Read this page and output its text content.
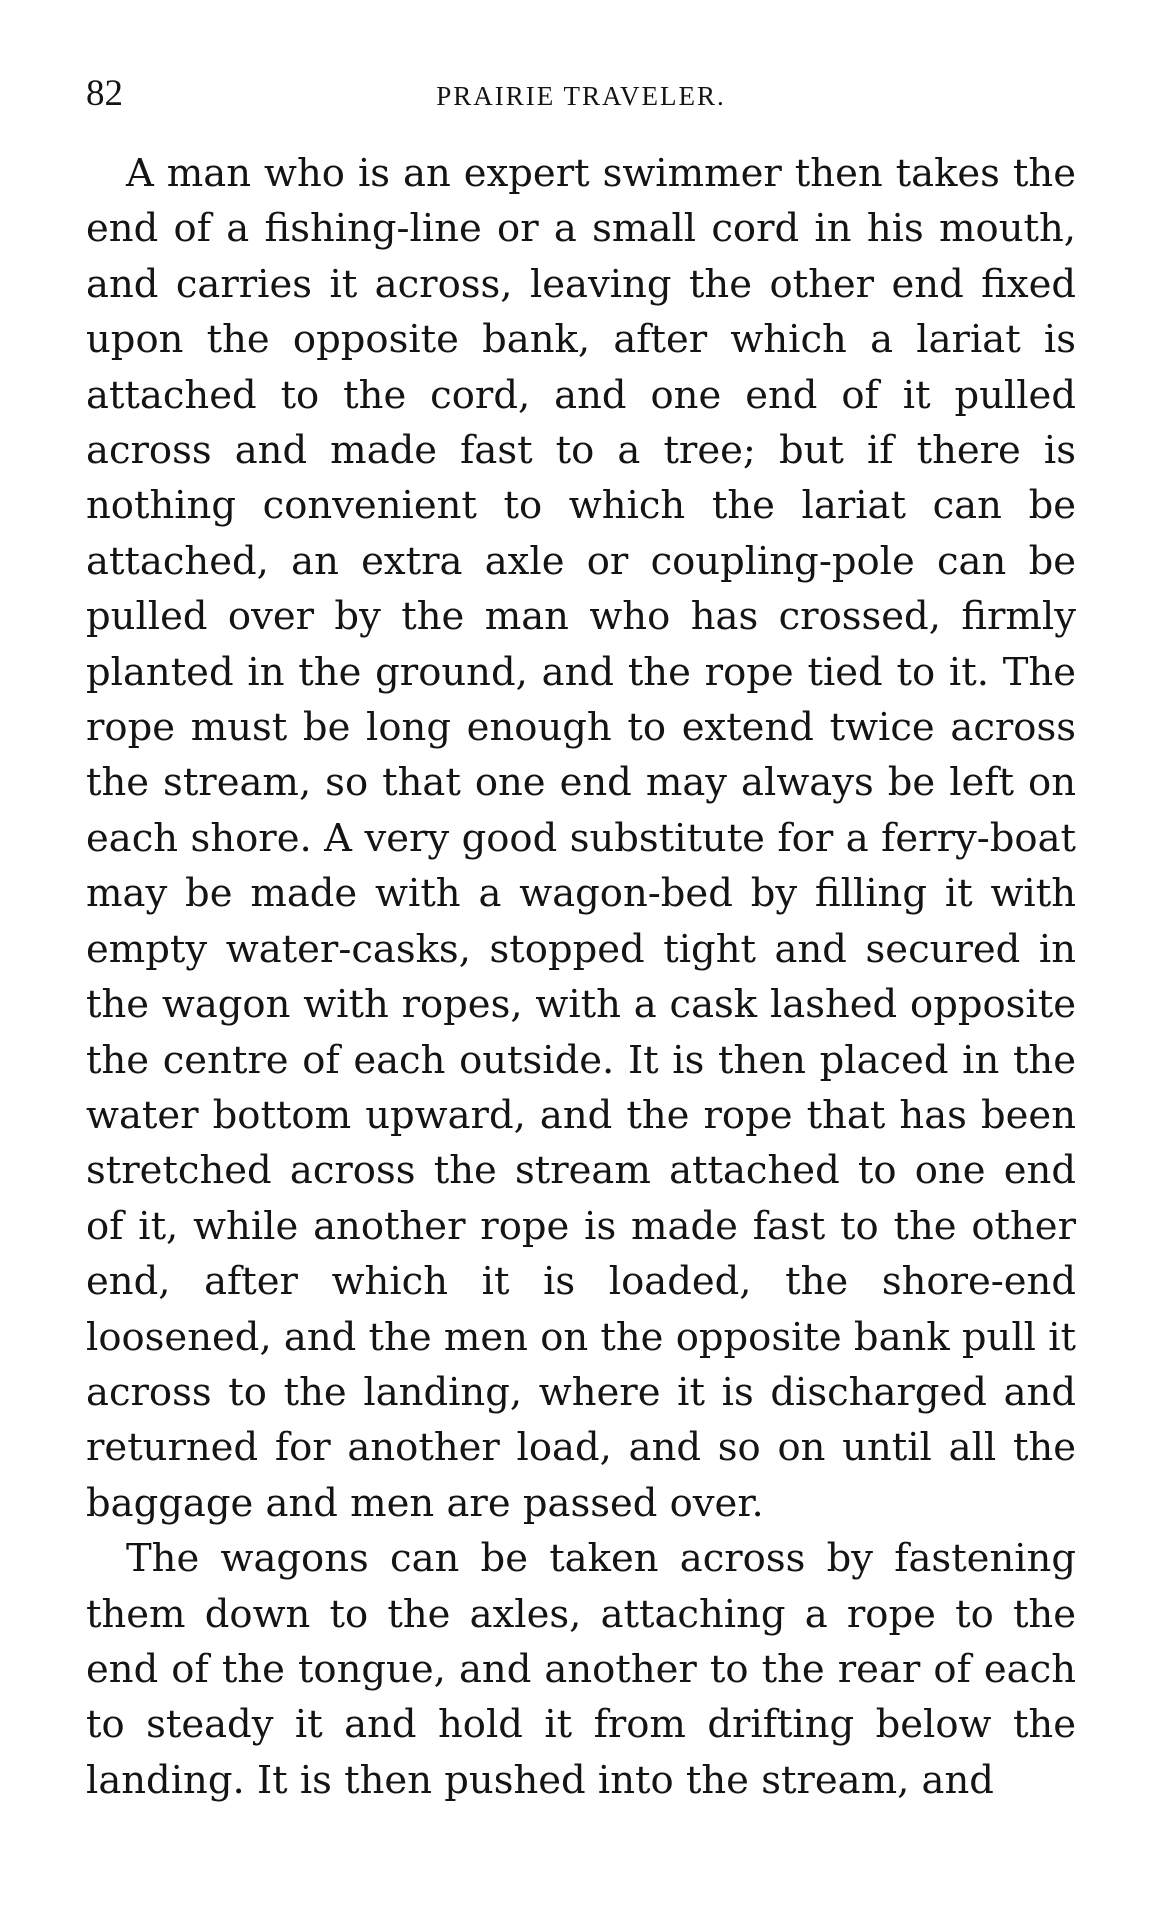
82	PRAIRIE TRAVELER.

A man who is an expert swimmer then takes the end of a fishing-line or a small cord in his mouth, and carries it across, leaving the other end fixed upon the opposite bank, after which a lariat is attached to the cord, and one end of it pulled across and made fast to a tree; but if there is nothing convenient to which the lariat can be attached, an extra axle or coupling-pole can be pulled over by the man who has crossed, firmly planted in the ground, and the rope tied to it. The rope must be long enough to extend twice across the stream, so that one end may always be left on each shore. A very good substitute for a ferry-boat may be made with a wagon-bed by filling it with empty water-casks, stopped tight and secured in the wagon with ropes, with a cask lashed opposite the centre of each outside. It is then placed in the water bottom upward, and the rope that has been stretched across the stream attached to one end of it, while another rope is made fast to the other end, after which it is loaded, the shore-end loosened, and the men on the opposite bank pull it across to the landing, where it is discharged and returned for another load, and so on until all the baggage and men are passed over.

The wagons can be taken across by fastening them down to the axles, attaching a rope to the end of the tongue, and another to the rear of each to steady it and hold it from drifting below the landing. It is then pushed into the stream, and
